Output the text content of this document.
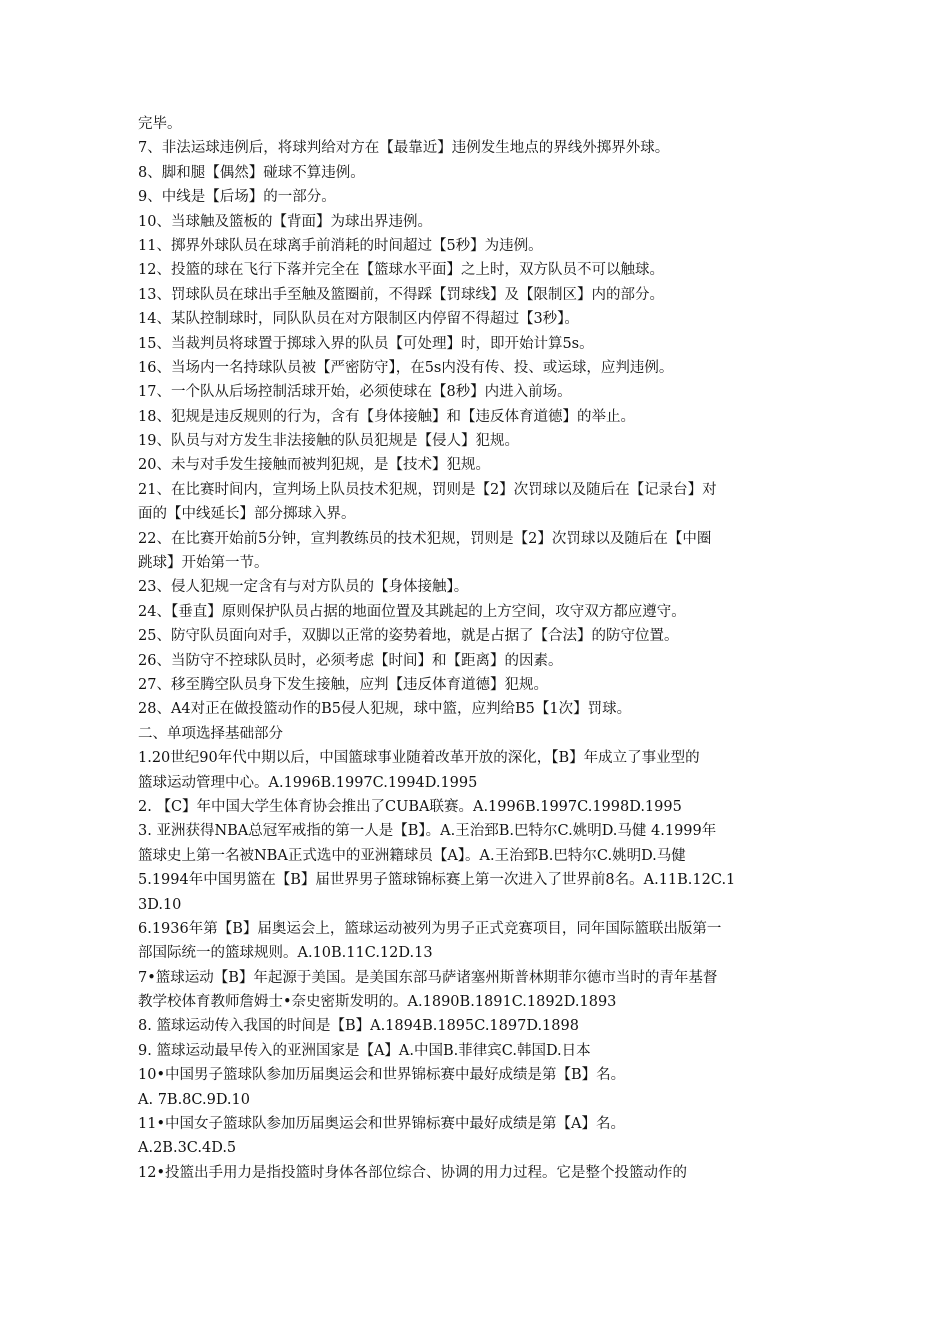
完毕。
7、非法运球违例后，将球判给对方在【最靠近】违例发生地点的界线外掷界外球。
8、脚和腿【偶然】碰球不算违例。
9、中线是【后场】的一部分。
10、当球触及篮板的【背面】为球出界违例。
11、掷界外球队员在球离手前消耗的时间超过【5秒】为违例。
12、投篮的球在飞行下落并完全在【篮球水平面】之上时，双方队员不可以触球。
13、罚球队员在球出手至触及篮圈前，不得踩【罚球线】及【限制区】内的部分。
14、某队控制球时，同队队员在对方限制区内停留不得超过【3秒】。
15、当裁判员将球置于掷球入界的队员【可处理】时，即开始计算5s。
16、当场内一名持球队员被【严密防守】，在5s内没有传、投、或运球，应判违例。
17、一个队从后场控制活球开始，必须使球在【8秒】内进入前场。
18、犯规是违反规则的行为，含有【身体接触】和【违反体育道德】的举止。
19、队员与对方发生非法接触的队员犯规是【侵人】犯规。
20、未与对手发生接触而被判犯规，是【技术】犯规。
21、在比赛时间内，宣判场上队员技术犯规，罚则是【2】次罚球以及随后在【记录台】对
面的【中线延长】部分掷球入界。
22、在比赛开始前5分钟，宣判教练员的技术犯规，罚则是【2】次罚球以及随后在【中圈
跳球】开始第一节。
23、侵人犯规一定含有与对方队员的【身体接触】。
24、【垂直】原则保护队员占据的地面位置及其跳起的上方空间，攻守双方都应遵守。
25、防守队员面向对手，双脚以正常的姿势着地，就是占据了【合法】的防守位置。
26、当防守不控球队员时，必须考虑【时间】和【距离】的因素。
27、移至腾空队员身下发生接触，应判【违反体育道德】犯规。
28、A4对正在做投篮动作的B5侵人犯规，球中篮，应判给B5【1次】罚球。
二、单项选择基础部分
1.20世纪90年代中期以后，中国篮球事业随着改革开放的深化，【B】年成立了事业型的
篮球运动管理中心。A.1996B.1997C.1994D.1995
2. 【C】年中国大学生体育协会推出了CUBA联赛。A.1996B.1997C.1998D.1995
3. 亚洲获得NBA总冠军戒指的第一人是【B】。A.王治郅B.巴特尔C.姚明D.马健 4.1999年
篮球史上第一名被NBA正式选中的亚洲籍球员【A】。A.王治郅B.巴特尔C.姚明D.马健
5.1994年中国男篮在【B】届世界男子篮球锦标赛上第一次进入了世界前8名。A.11B.12C.1
3D.10
6.1936年第【B】届奥运会上，篮球运动被列为男子正式竞赛项目，同年国际篮联出版第一
部国际统一的篮球规则。A.10B.11C.12D.13
7•篮球运动【B】年起源于美国。是美国东部马萨诸塞州斯普林期菲尔德市当时的青年基督
教学校体育教师詹姆士•奈史密斯发明的。A.1890B.1891C.1892D.1893
8. 篮球运动传入我国的时间是【B】A.1894B.1895C.1897D.1898
9. 篮球运动最早传入的亚洲国家是【A】A.中国B.菲律宾C.韩国D.日本
10•中国男子篮球队参加历届奥运会和世界锦标赛中最好成绩是第【B】名。
A. 7B.8C.9D.10
11•中国女子篮球队参加历届奥运会和世界锦标赛中最好成绩是第【A】名。
A.2B.3C.4D.5
12•投篮出手用力是指投篮时身体各部位综合、协调的用力过程。它是整个投篮动作的
